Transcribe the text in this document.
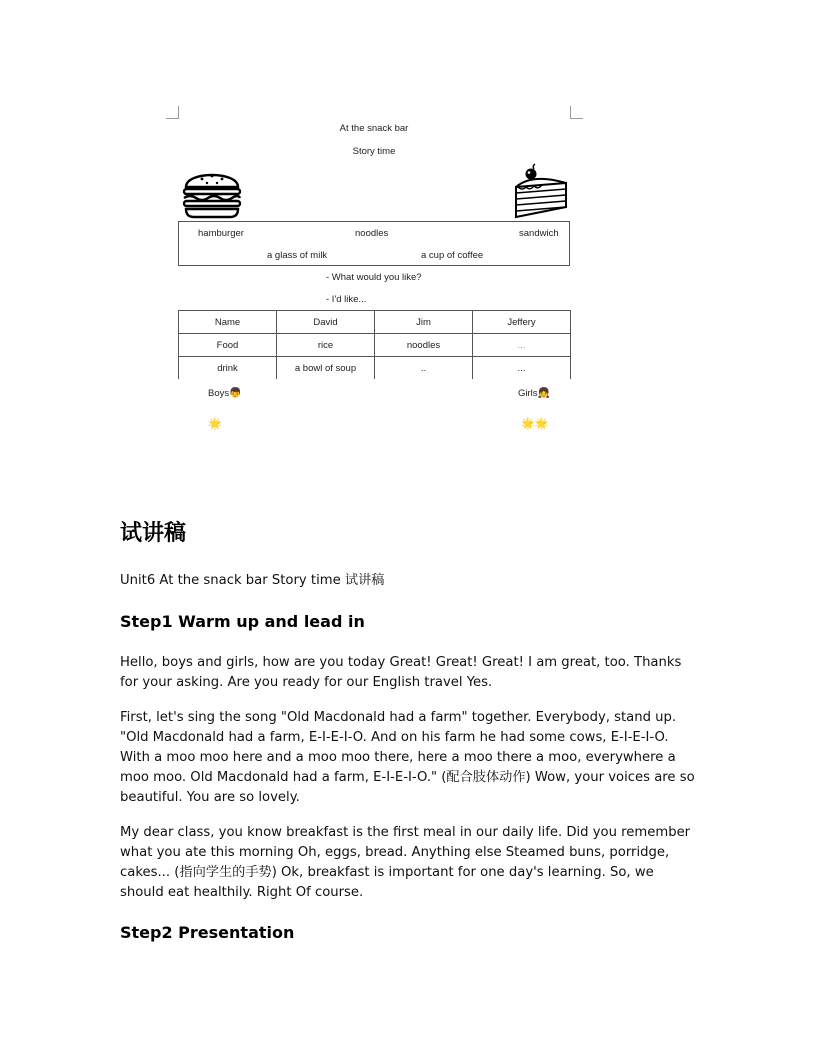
At the snack bar
Story time
hamburger	noodles	sandwich
a glass of milk	a cup of coffee
- What would you like?
- I'd like...
Name	David	Jim	Jeffery
Food	rice	noodles	...
drink	a bowl of soup	..	...
Boys👦	Girls👧
🌟	🌟🌟
试讲稿

Unit6 At the snack bar Story time 试讲稿

Step1 Warm up and lead in

Hello, boys and girls, how are you today Great! Great! Great! I am great, too. Thanks for your asking. Are you ready for our English travel Yes.

First, let's sing the song "Old Macdonald had a farm" together. Everybody, stand up. "Old Macdonald had a farm, E-I-E-I-O. And on his farm he had some cows, E-I-E-I-O. With a moo moo here and a moo moo there, here a moo there a moo, everywhere a moo moo. Old Macdonald had a farm, E-I-E-I-O." (配合肢体动作) Wow, your voices are so beautiful. You are so lovely.

My dear class, you know breakfast is the first meal in our daily life. Did you remember what you ate this morning Oh, eggs, bread. Anything else Steamed buns, porridge, cakes... (指向学生的手势) Ok, breakfast is important for one day's learning. So, we should eat healthily. Right Of course.

Step2 Presentation
